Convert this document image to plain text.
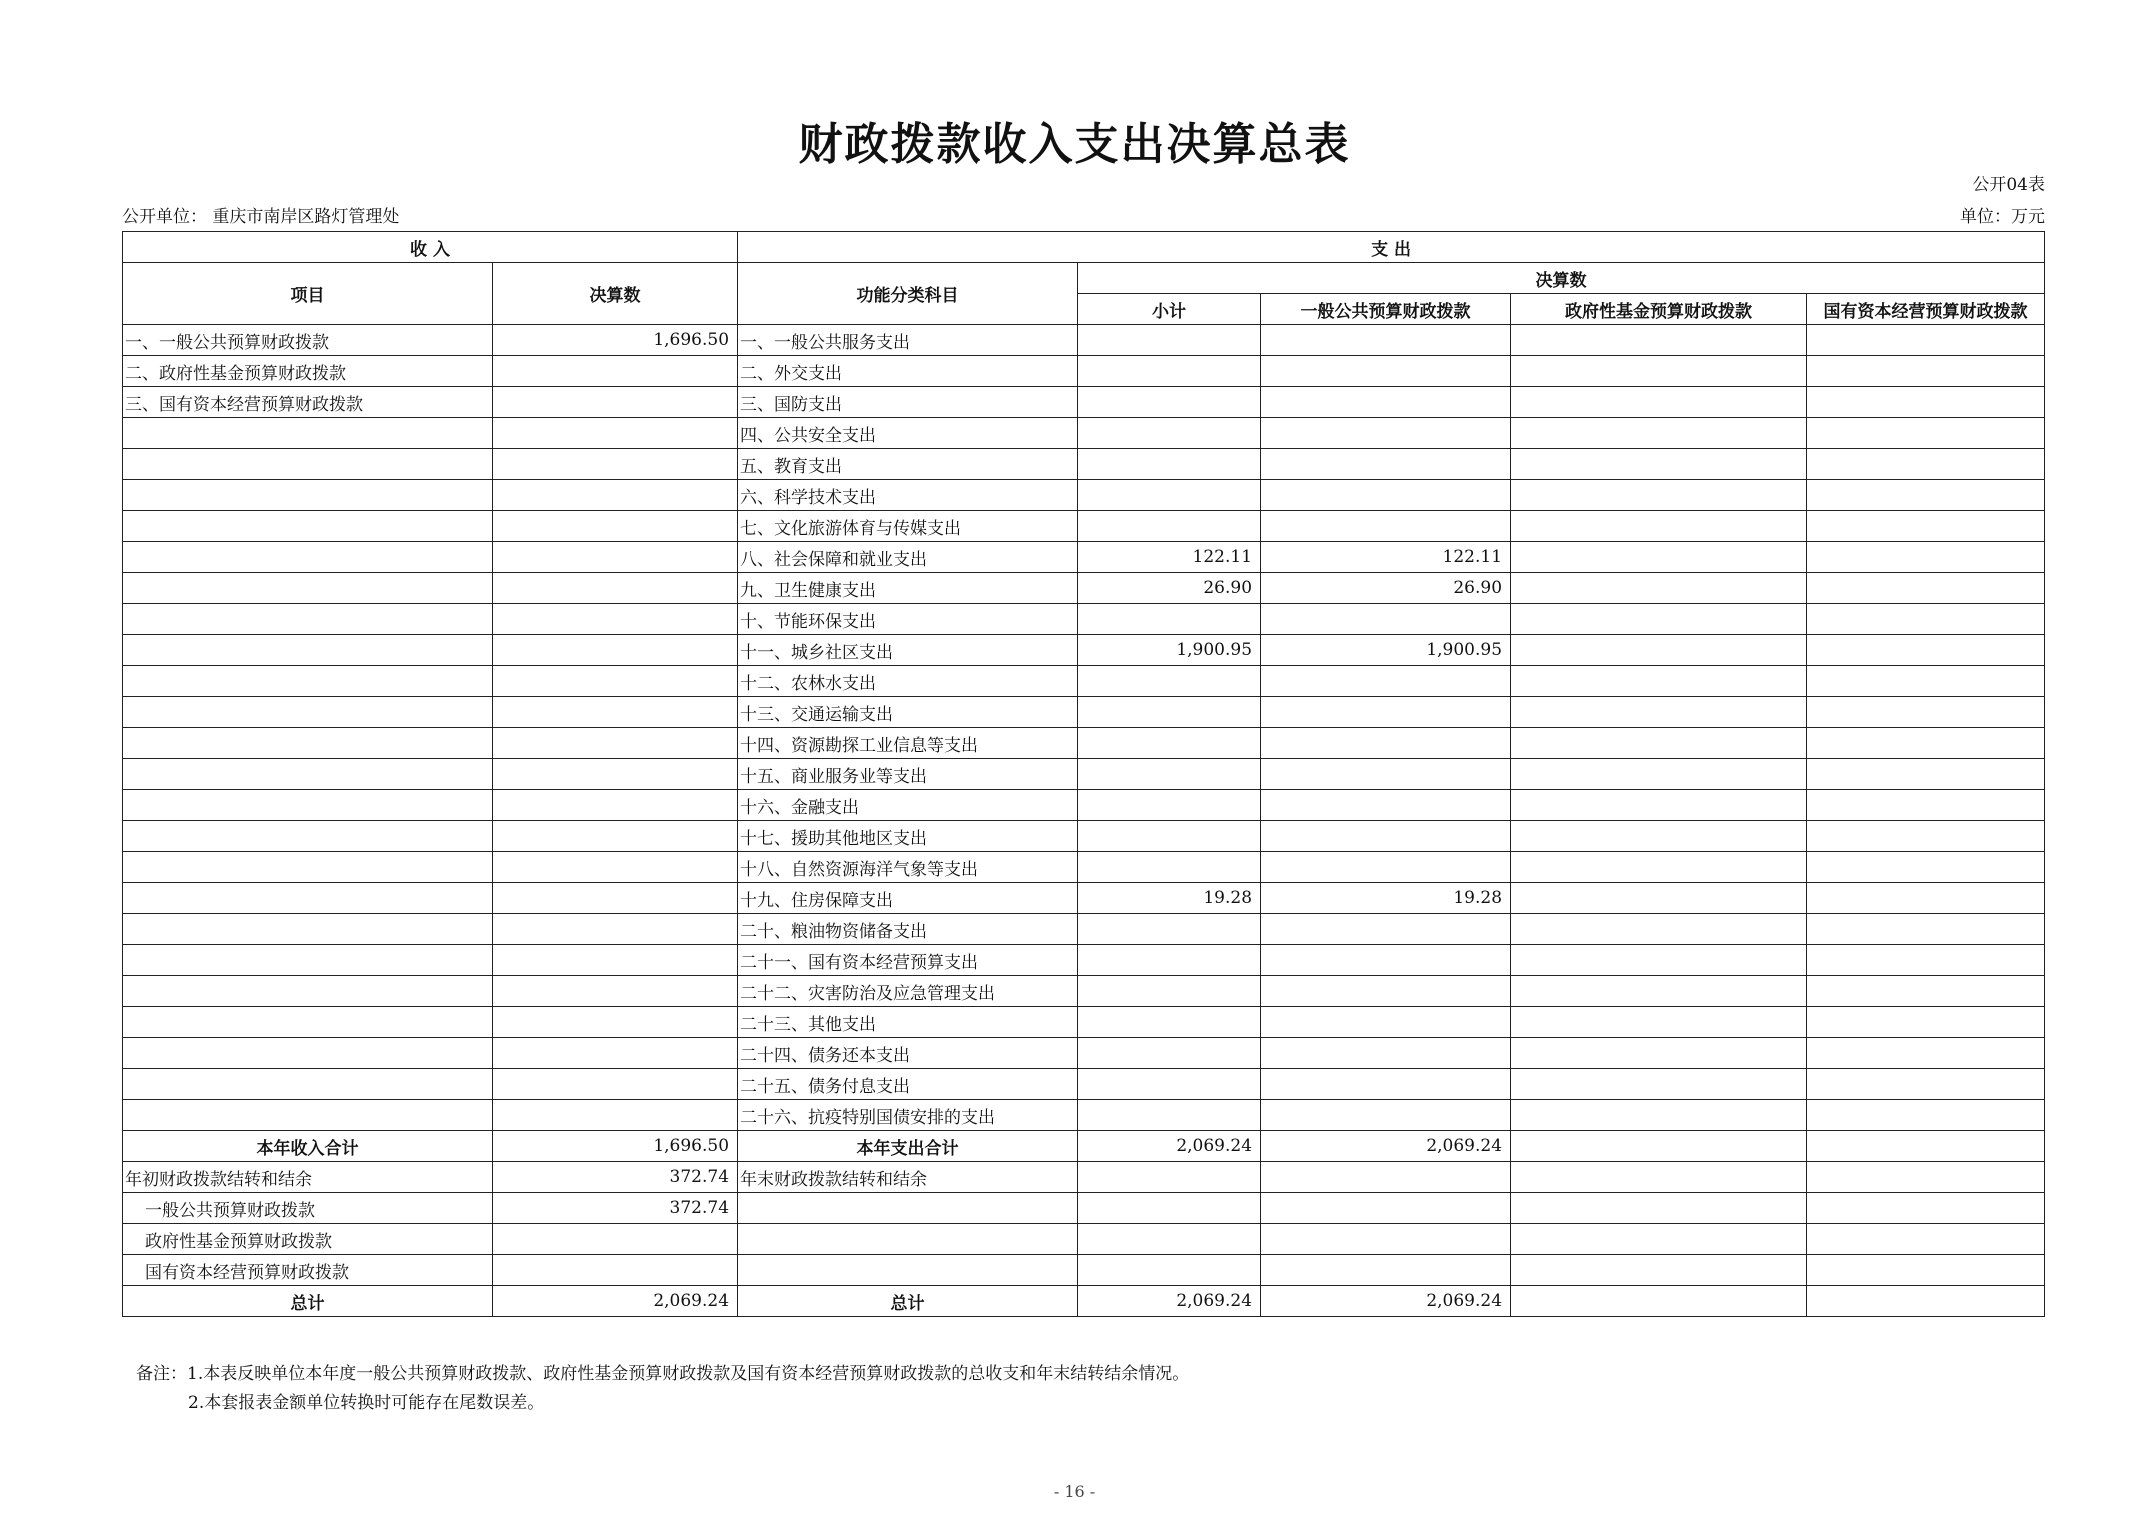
财政拨款收入支出决算总表
公开04表
公开单位： 重庆市南岸区路灯管理处	单位：万元
收 入		支 出				
项目	决算数	功能分类科目	决算数			
			小计	一般公共预算财政拨款	政府性基金预算财政拨款	国有资本经营预算财政拨款
一、一般公共预算财政拨款	1,696.50	一、一般公共服务支出				
二、政府性基金预算财政拨款		二、外交支出				
三、国有资本经营预算财政拨款		三、国防支出				
		四、公共安全支出				
		五、教育支出				
		六、科学技术支出				
		七、文化旅游体育与传媒支出				
		八、社会保障和就业支出	122.11	122.11		
		九、卫生健康支出	26.90	26.90		
		十、节能环保支出				
		十一、城乡社区支出	1,900.95	1,900.95		
		十二、农林水支出				
		十三、交通运输支出				
		十四、资源勘探工业信息等支出				
		十五、商业服务业等支出				
		十六、金融支出				
		十七、援助其他地区支出				
		十八、自然资源海洋气象等支出				
		十九、住房保障支出	19.28	19.28		
		二十、粮油物资储备支出				
		二十一、国有资本经营预算支出				
		二十二、灾害防治及应急管理支出				
		二十三、其他支出				
		二十四、债务还本支出				
		二十五、债务付息支出				
		二十六、抗疫特别国债安排的支出				
本年收入合计	1,696.50	本年支出合计	2,069.24	2,069.24		
年初财政拨款结转和结余	372.74	年末财政拨款结转和结余				
一般公共预算财政拨款	372.74					
政府性基金预算财政拨款						
国有资本经营预算财政拨款						
总计	2,069.24	总计	2,069.24	2,069.24		
备注：1.本表反映单位本年度一般公共预算财政拨款、政府性基金预算财政拨款及国有资本经营预算财政拨款的总收支和年末结转结余情况。
2.本套报表金额单位转换时可能存在尾数误差。
- 16 -
